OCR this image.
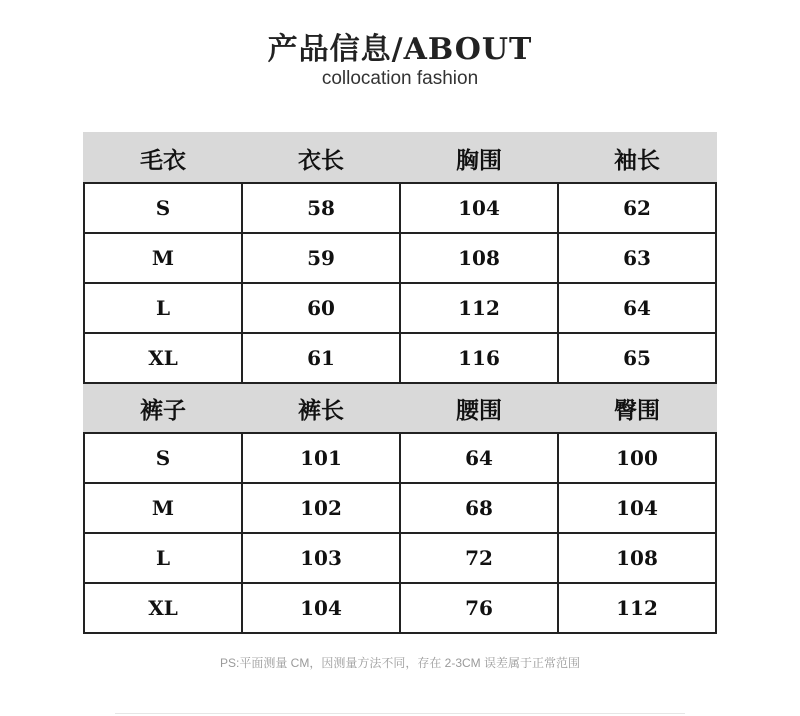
产品信息/ABOUT
collocation fashion
毛衣	衣长	胸围	袖长
S	58	104	62
M	59	108	63
L	60	112	64
XL	61	116	65
裤子	裤长	腰围	臀围
S	101	64	100
M	102	68	104
L	103	72	108
XL	104	76	112
PS:平面测量 CM，因测量方法不同，存在 2-3CM 误差属于正常范围
